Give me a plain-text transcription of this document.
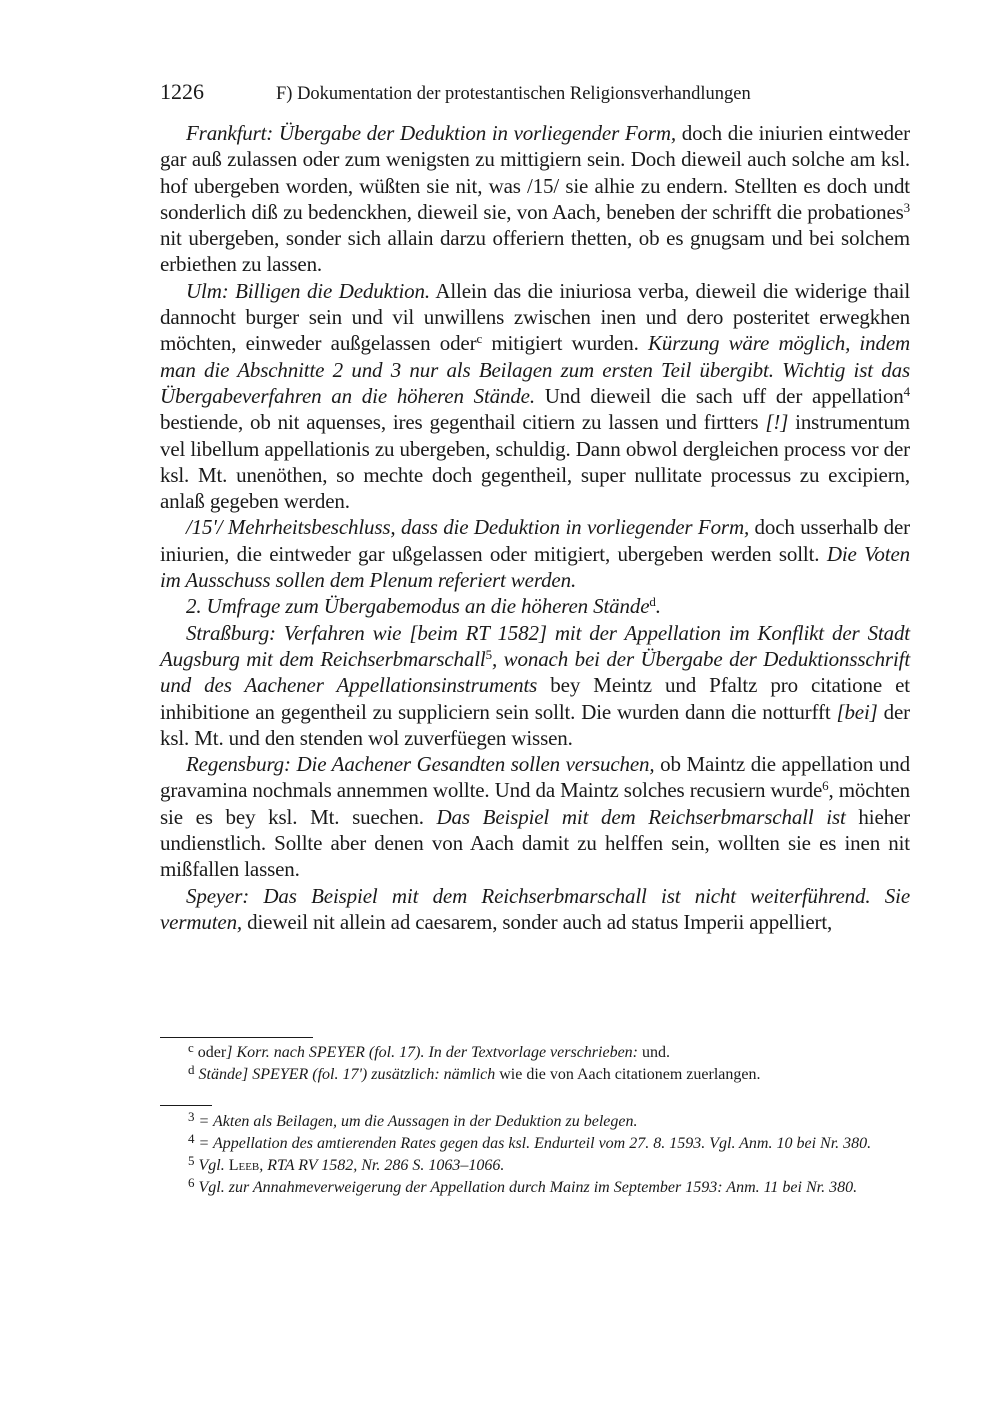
1226	F) Dokumentation der protestantischen Religionsverhandlungen

Frankfurt: Übergabe der Deduktion in vorliegender Form, doch die iniurien eintweder gar auß zulassen oder zum wenigsten zu mittigiern sein. Doch dieweil auch solche am ksl. hof ubergeben worden, wüßten sie nit, was /15/ sie alhie zu endern. Stellten es doch undt sonderlich diß zu bedenckhen, dieweil sie, von Aach, beneben der schrifft die probationes$^3$ nit ubergeben, sonder sich allain darzu offeriern thetten, ob es gnugsam und bei solchem erbiethen zu lassen.

Ulm: Billigen die Deduktion. Allein das die iniuriosa verba, dieweil die widerige thail dannocht burger sein und vil unwillens zwischen inen und dero posteritet erwegkhen möchten, einweder außgelassen oder$^c$ mitigiert wurden. Kürzung wäre möglich, indem man die Abschnitte 2 und 3 nur als Beilagen zum ersten Teil übergibt. Wichtig ist das Übergabeverfahren an die höheren Stände. Und dieweil die sach uff der appellation$^4$ bestiende, ob nit aquenses, ires gegenthail citiern zu lassen und firtters [!] instrumentum vel libellum appellationis zu ubergeben, schuldig. Dann obwol dergleichen process vor der ksl. Mt. unenöthen, so mechte doch gegentheil, super nullitate processus zu excipiern, anlaß gegeben werden.

/15'/ Mehrheitsbeschluss, dass die Deduktion in vorliegender Form, doch usserhalb der iniurien, die eintweder gar ußgelassen oder mitigiert, ubergeben werden sollt. Die Voten im Ausschuss sollen dem Plenum referiert werden.

2. Umfrage zum Übergabemodus an die höheren Stände$^d$.

Straßburg: Verfahren wie [beim RT 1582] mit der Appellation im Konflikt der Stadt Augsburg mit dem Reichserbmarschall$^5$, wonach bei der Übergabe der Deduktionsschrift und des Aachener Appellationsinstruments bey Meintz und Pfaltz pro citatione et inhibitione an gegentheil zu suppliciern sein sollt. Die wurden dann die notturfft [bei] der ksl. Mt. und den stenden wol zuverfüegen wissen.

Regensburg: Die Aachener Gesandten sollen versuchen, ob Maintz die appellation und gravamina nochmals annemmen wollte. Und da Maintz solches recusiern wurde$^6$, möchten sie es bey ksl. Mt. suechen. Das Beispiel mit dem Reichserbmarschall ist hieher undienstlich. Sollte aber denen von Aach damit zu helffen sein, wollten sie es inen nit mißfallen lassen.

Speyer: Das Beispiel mit dem Reichserbmarschall ist nicht weiterführend. Sie vermuten, dieweil nit allein ad caesarem, sonder auch ad status Imperii appelliert,

$^c$ oder] Korr. nach SPEYER (fol. 17). In der Textvorlage verschrieben: und.

$^d$ Stände] SPEYER (fol. 17') zusätzlich: nämlich wie die von Aach citationem zuerlangen.

$^3$ = Akten als Beilagen, um die Aussagen in der Deduktion zu belegen.

$^4$ = Appellation des amtierenden Rates gegen das ksl. Endurteil vom 27. 8. 1593. Vgl. Anm. 10 bei Nr. 380.

$^5$ Vgl. Leeb, RTA RV 1582, Nr. 286 S. 1063–1066.

$^6$ Vgl. zur Annahmeverweigerung der Appellation durch Mainz im September 1593: Anm. 11 bei Nr. 380.
